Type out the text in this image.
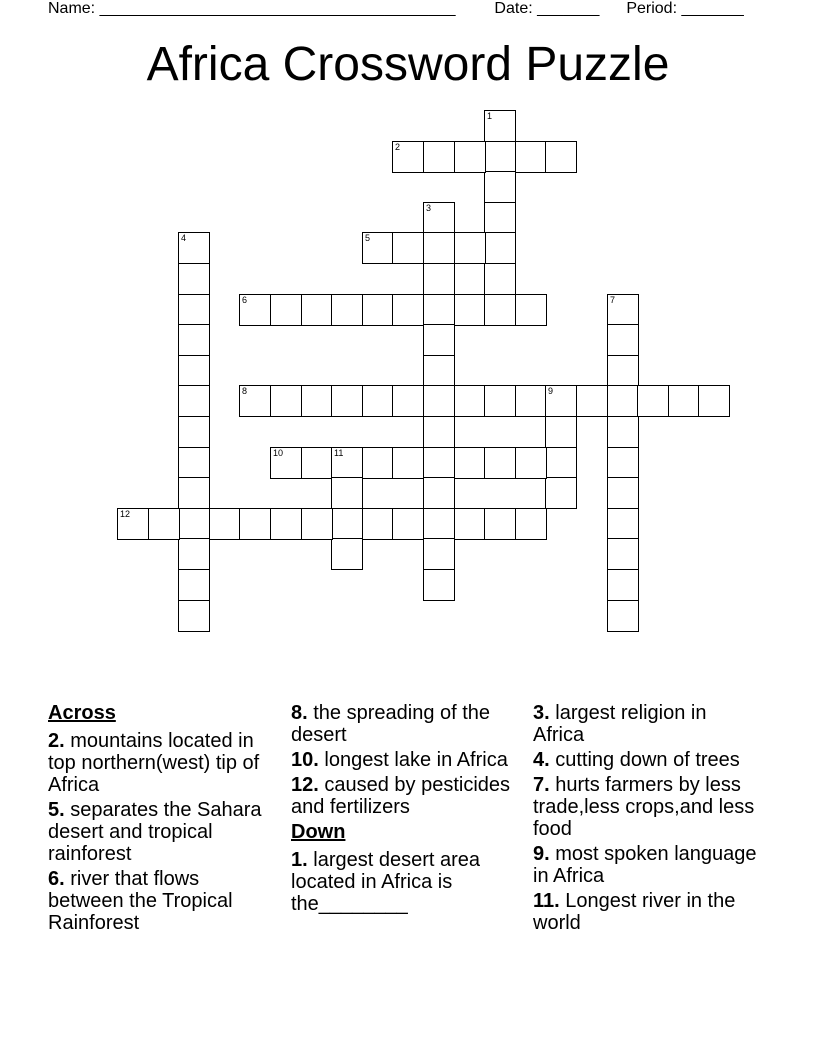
Name: ________________________________________ Date: _______ Period: _______
Africa Crossword Puzzle
1
2
3
4	5
6	7
8	9
10	11
12
Across
2. mountains located in top northern(west) tip of Africa
5. separates the Sahara desert and tropical rainforest
6. river that flows between the Tropical Rainforest
8. the spreading of the desert
10. longest lake in Africa
12. caused by pesticides and fertilizers
Down
1. largest desert area located in Africa is the________
3. largest religion in Africa
4. cutting down of trees
7. hurts farmers by less trade,less crops,and less food
9. most spoken language in Africa
11. Longest river in the world
